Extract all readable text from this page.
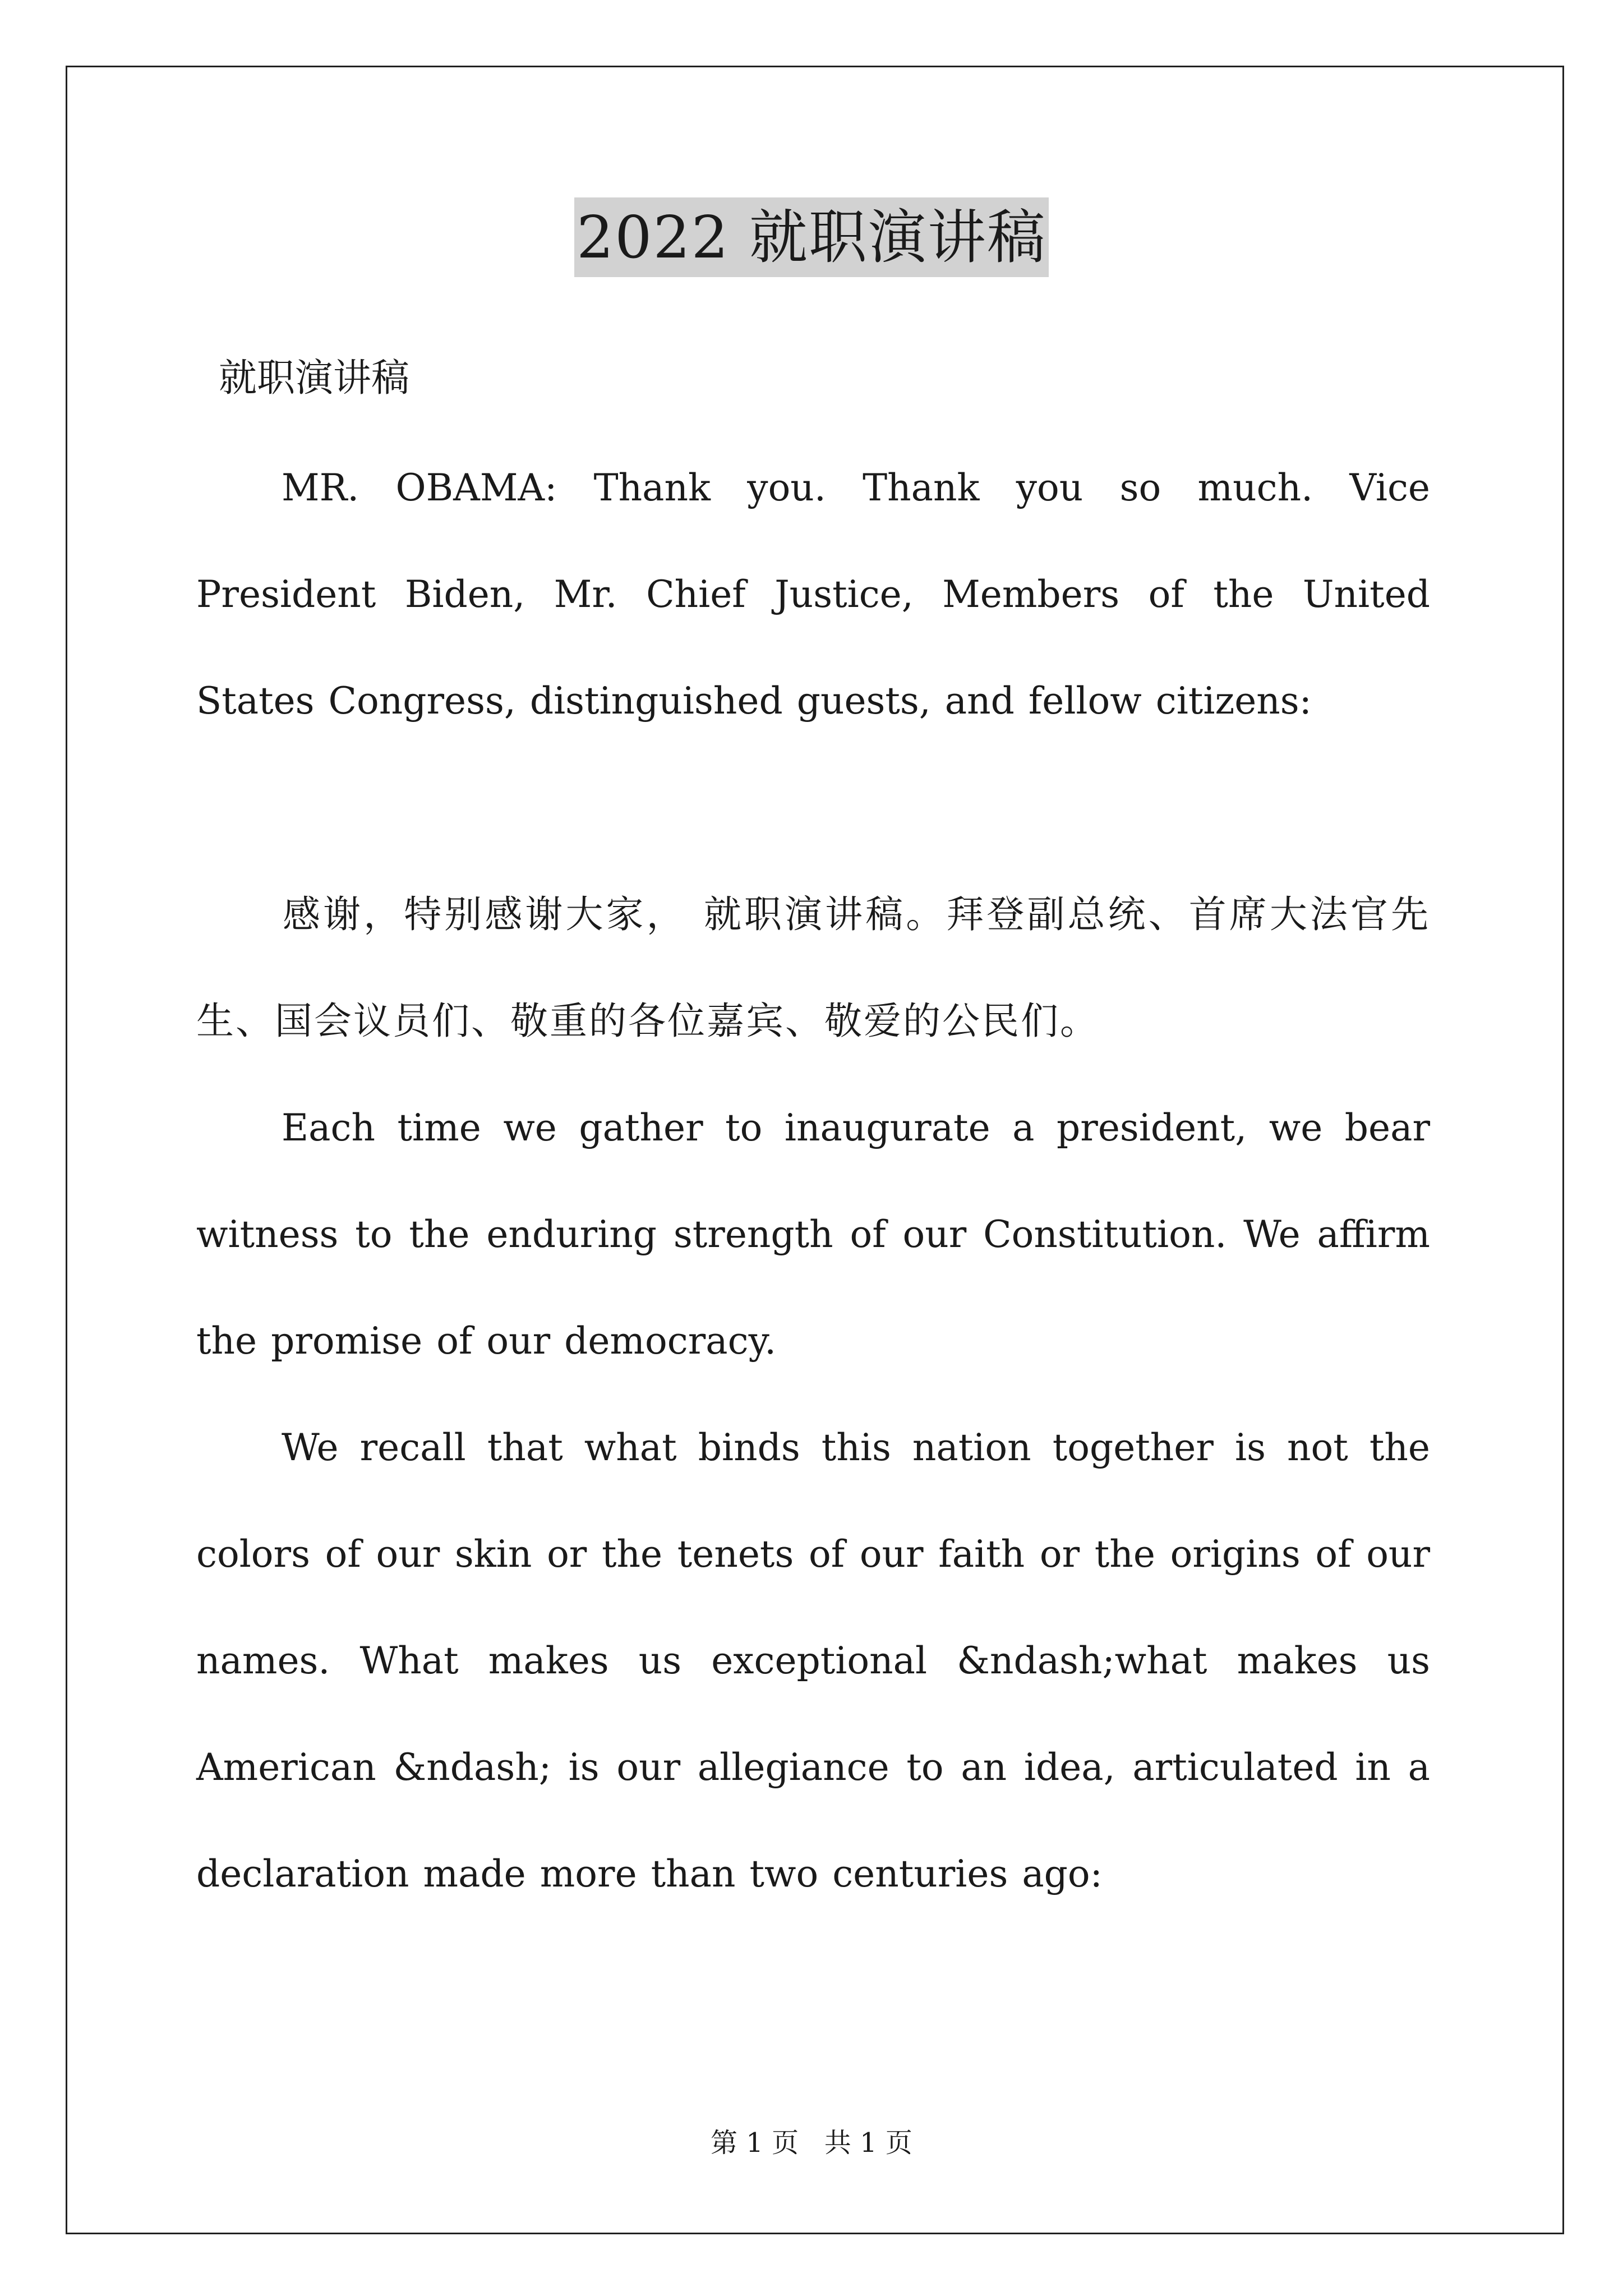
2022 就职演讲稿
就职演讲稿

MR. OBAMA: Thank you. Thank you so much. Vice President Biden, Mr. Chief Justice, Members of the United States Congress, distinguished guests, and fellow citizens:

感谢，特别感谢大家， 就职演讲稿。拜登副总统、首席大法官先生、国会议员们、敬重的各位嘉宾、敬爱的公民们。

Each time we gather to inaugurate a president, we bear witness to the enduring strength of our Constitution. We affirm the promise of our democracy.

We recall that what binds this nation together is not the colors of our skin or the tenets of our faith or the origins of our names. What makes us exceptional &ndash;what makes us American &ndash; is our allegiance to an idea, articulated in a declaration made more than two centuries ago:

第 1 页   共 1 页
